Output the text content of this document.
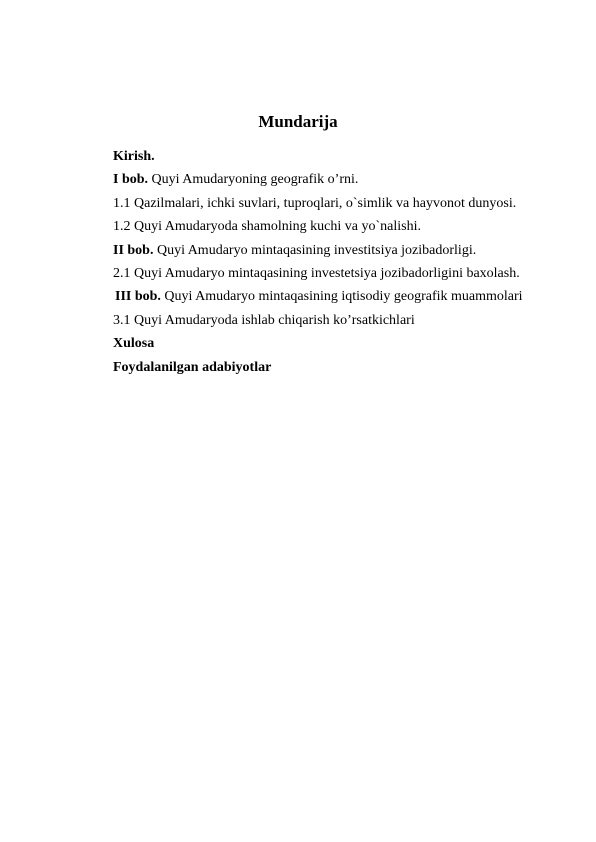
Mundarija
Kirish.
I bob. Quyi Amudaryoning geografik o’rni.
1.1 Qazilmalari, ichki suvlari, tuproqlari, o`simlik va hayvonot dunyosi.
1.2 Quyi Amudaryoda shamolning kuchi va yo`nalishi.
II bob. Quyi Amudaryo mintaqasining investitsiya jozibadorligi.
2.1 Quyi Amudaryo mintaqasining investetsiya jozibadorligini baxolash.
III bob. Quyi Amudaryo mintaqasining iqtisodiy geografik muammolari
3.1 Quyi Amudaryoda ishlab chiqarish ko’rsatkichlari
Xulosa
Foydalanilgan adabiyotlar
